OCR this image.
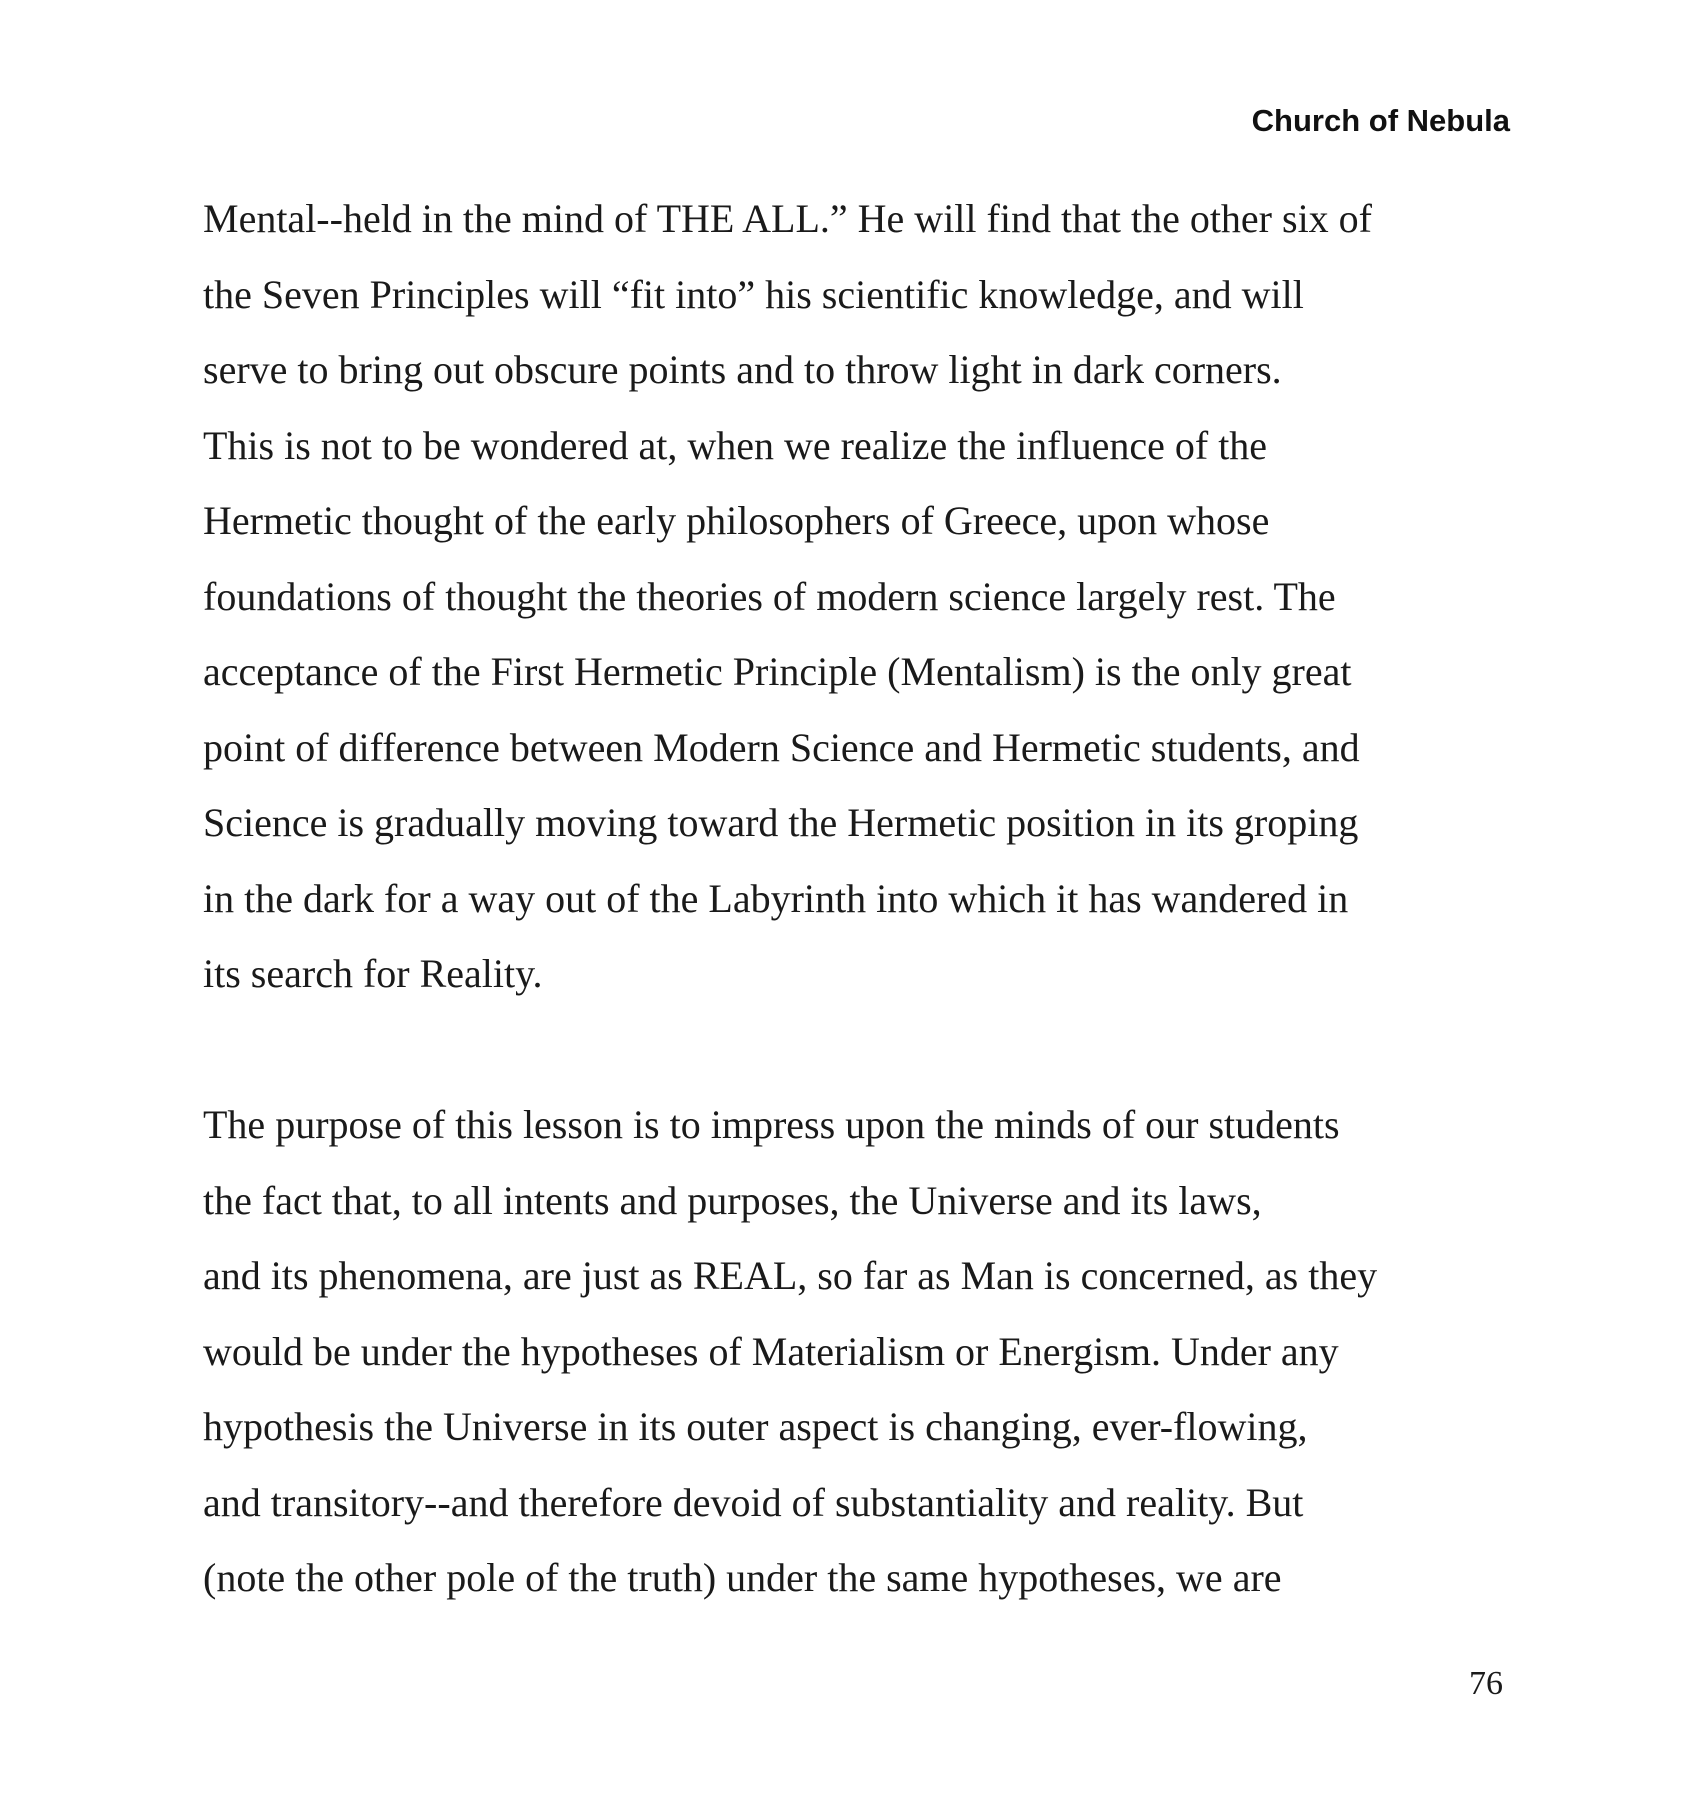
Church of Nebula

Mental--held in the mind of THE ALL.” He will find that the other six of
the Seven Principles will “fit into” his scientific knowledge, and will
serve to bring out obscure points and to throw light in dark corners.
This is not to be wondered at, when we realize the influence of the
Hermetic thought of the early philosophers of Greece, upon whose
foundations of thought the theories of modern science largely rest. The
acceptance of the First Hermetic Principle (Mentalism) is the only great
point of difference between Modern Science and Hermetic students, and
Science is gradually moving toward the Hermetic position in its groping
in the dark for a way out of the Labyrinth into which it has wandered in
its search for Reality.

The purpose of this lesson is to impress upon the minds of our students
the fact that, to all intents and purposes, the Universe and its laws,
and its phenomena, are just as REAL, so far as Man is concerned, as they
would be under the hypotheses of Materialism or Energism. Under any
hypothesis the Universe in its outer aspect is changing, ever-flowing,
and transitory--and therefore devoid of substantiality and reality. But
(note the other pole of the truth) under the same hypotheses, we are

76
